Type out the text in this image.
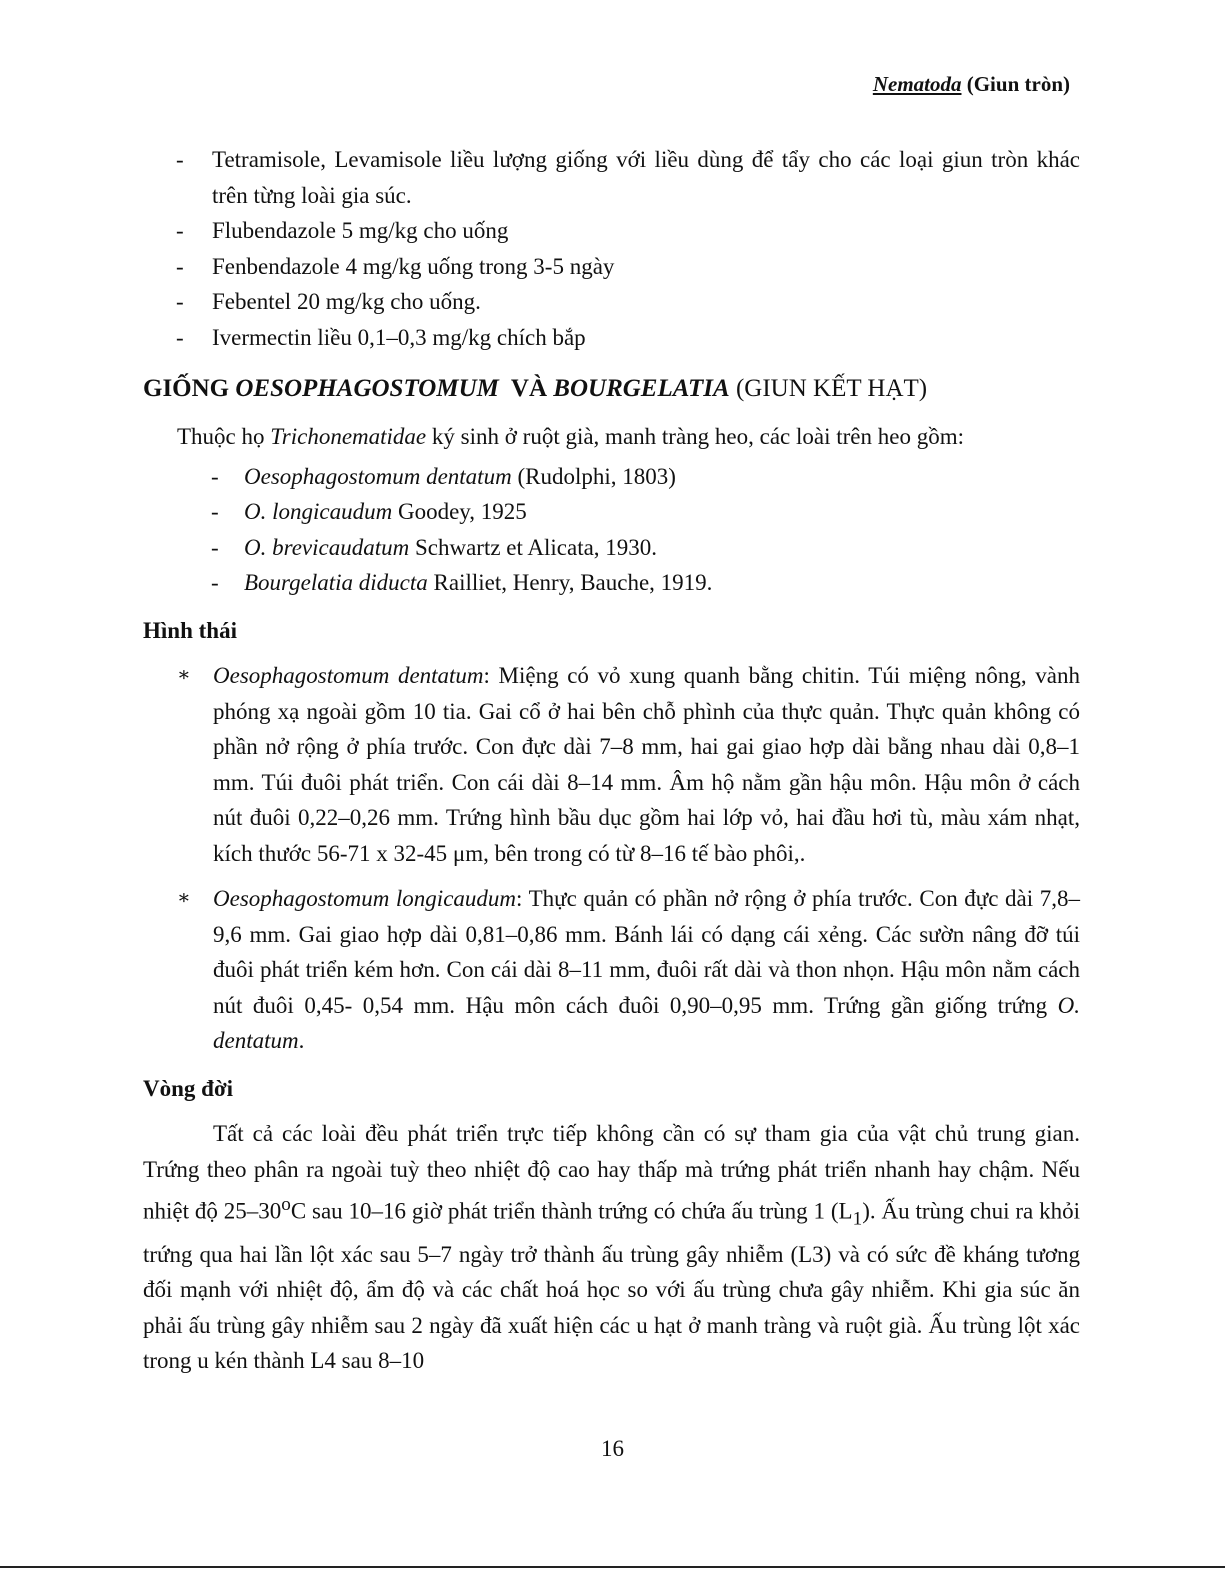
Nematoda (Giun tròn)
- Tetramisole, Levamisole liều lượng giống với liều dùng để tẩy cho các loại giun tròn khác trên từng loài gia súc.
- Flubendazole 5 mg/kg cho uống
- Fenbendazole 4 mg/kg uống trong 3-5 ngày
- Febentel 20 mg/kg cho uống.
- Ivermectin liều 0,1–0,3 mg/kg chích bắp
GIỐNG OESOPHAGOSTOMUM  VÀ BOURGELATIA (GIUN KẾT HẠT)

Thuộc họ Trichonematidae ký sinh ở ruột già, manh tràng heo, các loài trên heo gồm:

- Oesophagostomum dentatum (Rudolphi, 1803)
- O. longicaudum Goodey, 1925
- O. brevicaudatum Schwartz et Alicata, 1930.
- Bourgelatia diducta Railliet, Henry, Bauche, 1919.
Hình thái
∗ Oesophagostomum dentatum: Miệng có vỏ xung quanh bằng chitin. Túi miệng nông, vành phóng xạ ngoài gồm 10 tia. Gai cổ ở hai bên chỗ phình của thực quản. Thực quản không có phần nở rộng ở phía trước. Con đực dài 7–8 mm, hai gai giao hợp dài bằng nhau dài 0,8–1 mm. Túi đuôi phát triển. Con cái dài 8–14 mm. Âm hộ nằm gần hậu môn. Hậu môn ở cách nút đuôi 0,22–0,26 mm. Trứng hình bầu dục gồm hai lớp vỏ, hai đầu hơi tù, màu xám nhạt, kích thước 56-71 x 32-45 μm, bên trong có từ 8–16 tế bào phôi,.
∗ Oesophagostomum longicaudum: Thực quản có phần nở rộng ở phía trước. Con đực dài 7,8–9,6 mm. Gai giao hợp dài 0,81–0,86 mm. Bánh lái có dạng cái xẻng. Các sườn nâng đỡ túi đuôi phát triển kém hơn. Con cái dài 8–11 mm, đuôi rất dài và thon nhọn. Hậu môn nằm cách nút đuôi 0,45- 0,54 mm. Hậu môn cách đuôi 0,90–0,95 mm. Trứng gần giống trứng O. dentatum.
Vòng đời

Tất cả các loài đều phát triển trực tiếp không cần có sự tham gia của vật chủ trung gian. Trứng theo phân ra ngoài tuỳ theo nhiệt độ cao hay thấp mà trứng phát triển nhanh hay chậm. Nếu nhiệt độ 25–30$^o$C sau 10–16 giờ phát triển thành trứng có chứa ấu trùng 1 $(L_1)$. Ấu trùng chui ra khỏi trứng qua hai lần lột xác sau 5–7 ngày trở thành ấu trùng gây nhiễm (L3) và có sức đề kháng tương đối mạnh với nhiệt độ, ẩm độ và các chất hoá học so với ấu trùng chưa gây nhiễm. Khi gia súc ăn phải ấu trùng gây nhiễm sau 2 ngày đã xuất hiện các u hạt ở manh tràng và ruột già. Ấu trùng lột xác trong u kén thành L4 sau 8–10

16
